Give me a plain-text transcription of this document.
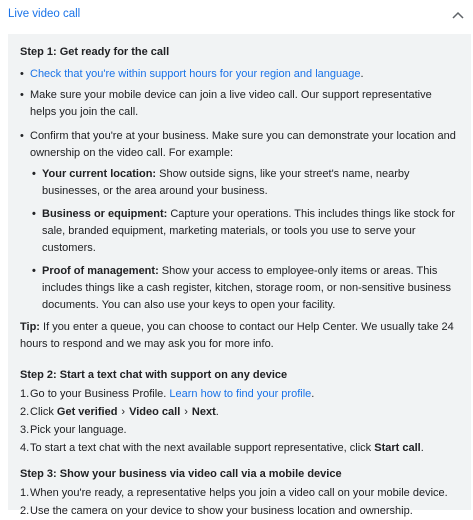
Live video call

Step 1: Get ready for the call

• Check that you're within support hours for your region and language.
• Make sure your mobile device can join a live video call. Our support representative helps you join the call.
• Confirm that you're at your business. Make sure you can demonstrate your location and ownership on the video call. For example:
• Your current location: Show outside signs, like your street's name, nearby businesses, or the area around your business.
• Business or equipment: Capture your operations. This includes things like stock for sale, branded equipment, marketing materials, or tools you use to serve your customers.
• Proof of management: Show your access to employee-only items or areas. This includes things like a cash register, kitchen, storage room, or non-sensitive business documents. You can also use your keys to open your facility.

Tip: If you enter a queue, you can choose to contact our Help Center. We usually take 24 hours to respond and we may ask you for more info.

Step 2: Start a text chat with support on any device

1. Go to your Business Profile. Learn how to find your profile.
2. Click Get verified › Video call › Next.
3. Pick your language.
4. To start a text chat with the next available support representative, click Start call.

Step 3: Show your business via video call via a mobile device

1. When you're ready, a representative helps you join a video call on your mobile device.
2. Use the camera on your device to show your business location and ownership.
